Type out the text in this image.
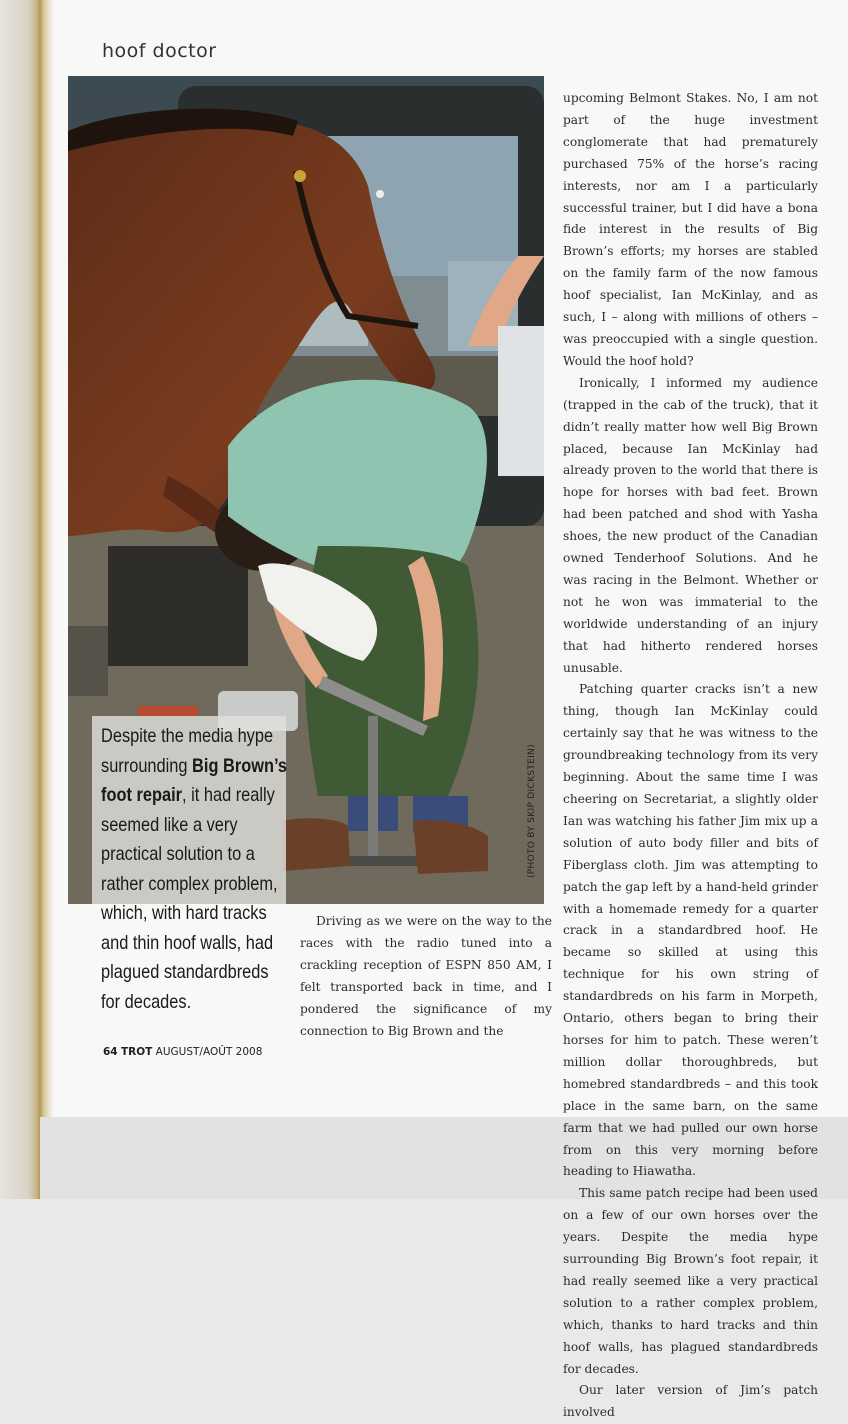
hoof doctor
Despite the media hype surrounding Big Brown’s foot repair, it had really seemed like a very practical solution to a rather complex problem, which, with hard tracks and thin hoof walls, had plagued standardbreds for decades.
(PHOTO BY SKIP DICKSTEIN)

Driving as we were on the way to the races with the radio tuned into a crackling reception of ESPN 850 AM, I felt transported back in time, and I pondered the significance of my connection to Big Brown and the

upcoming Belmont Stakes. No, I am not part of the huge investment conglomerate that had prematurely purchased 75% of the horse’s racing interests, nor am I a particularly successful trainer, but I did have a bona fide interest in the results of Big Brown’s efforts; my horses are stabled on the family farm of the now famous hoof specialist, Ian McKinlay, and as such, I – along with millions of others – was preoccupied with a single question. Would the hoof hold?

Ironically, I informed my audience (trapped in the cab of the truck), that it didn’t really matter how well Big Brown placed, because Ian McKinlay had already proven to the world that there is hope for horses with bad feet. Brown had been patched and shod with Yasha shoes, the new product of the Canadian owned Tenderhoof Solutions. And he was racing in the Belmont. Whether or not he won was immaterial to the worldwide understanding of an injury that had hitherto rendered horses unusable.

Patching quarter cracks isn’t a new thing, though Ian McKinlay could certainly say that he was witness to the groundbreaking technology from its very beginning. About the same time I was cheering on Secretariat, a slightly older Ian was watching his father Jim mix up a solution of auto body filler and bits of Fiberglass cloth. Jim was attempting to patch the gap left by a hand-held grinder with a homemade remedy for a quarter crack in a standardbred hoof. He became so skilled at using this technique for his own string of standardbreds on his farm in Morpeth, Ontario, others began to bring their horses for him to patch. These weren’t million dollar thoroughbreds, but homebred standardbreds – and this took place in the same barn, on the same farm that we had pulled our own horse from on this very morning before heading to Hiawatha.

This same patch recipe had been used on a few of our own horses over the years. Despite the media hype surrounding Big Brown’s foot repair, it had really seemed like a very practical solution to a rather complex problem, which, thanks to hard tracks and thin hoof walls, has plagued standardbreds for decades.

Our later version of Jim’s patch involved

64 TROT AUGUST/AOÛT 2008
